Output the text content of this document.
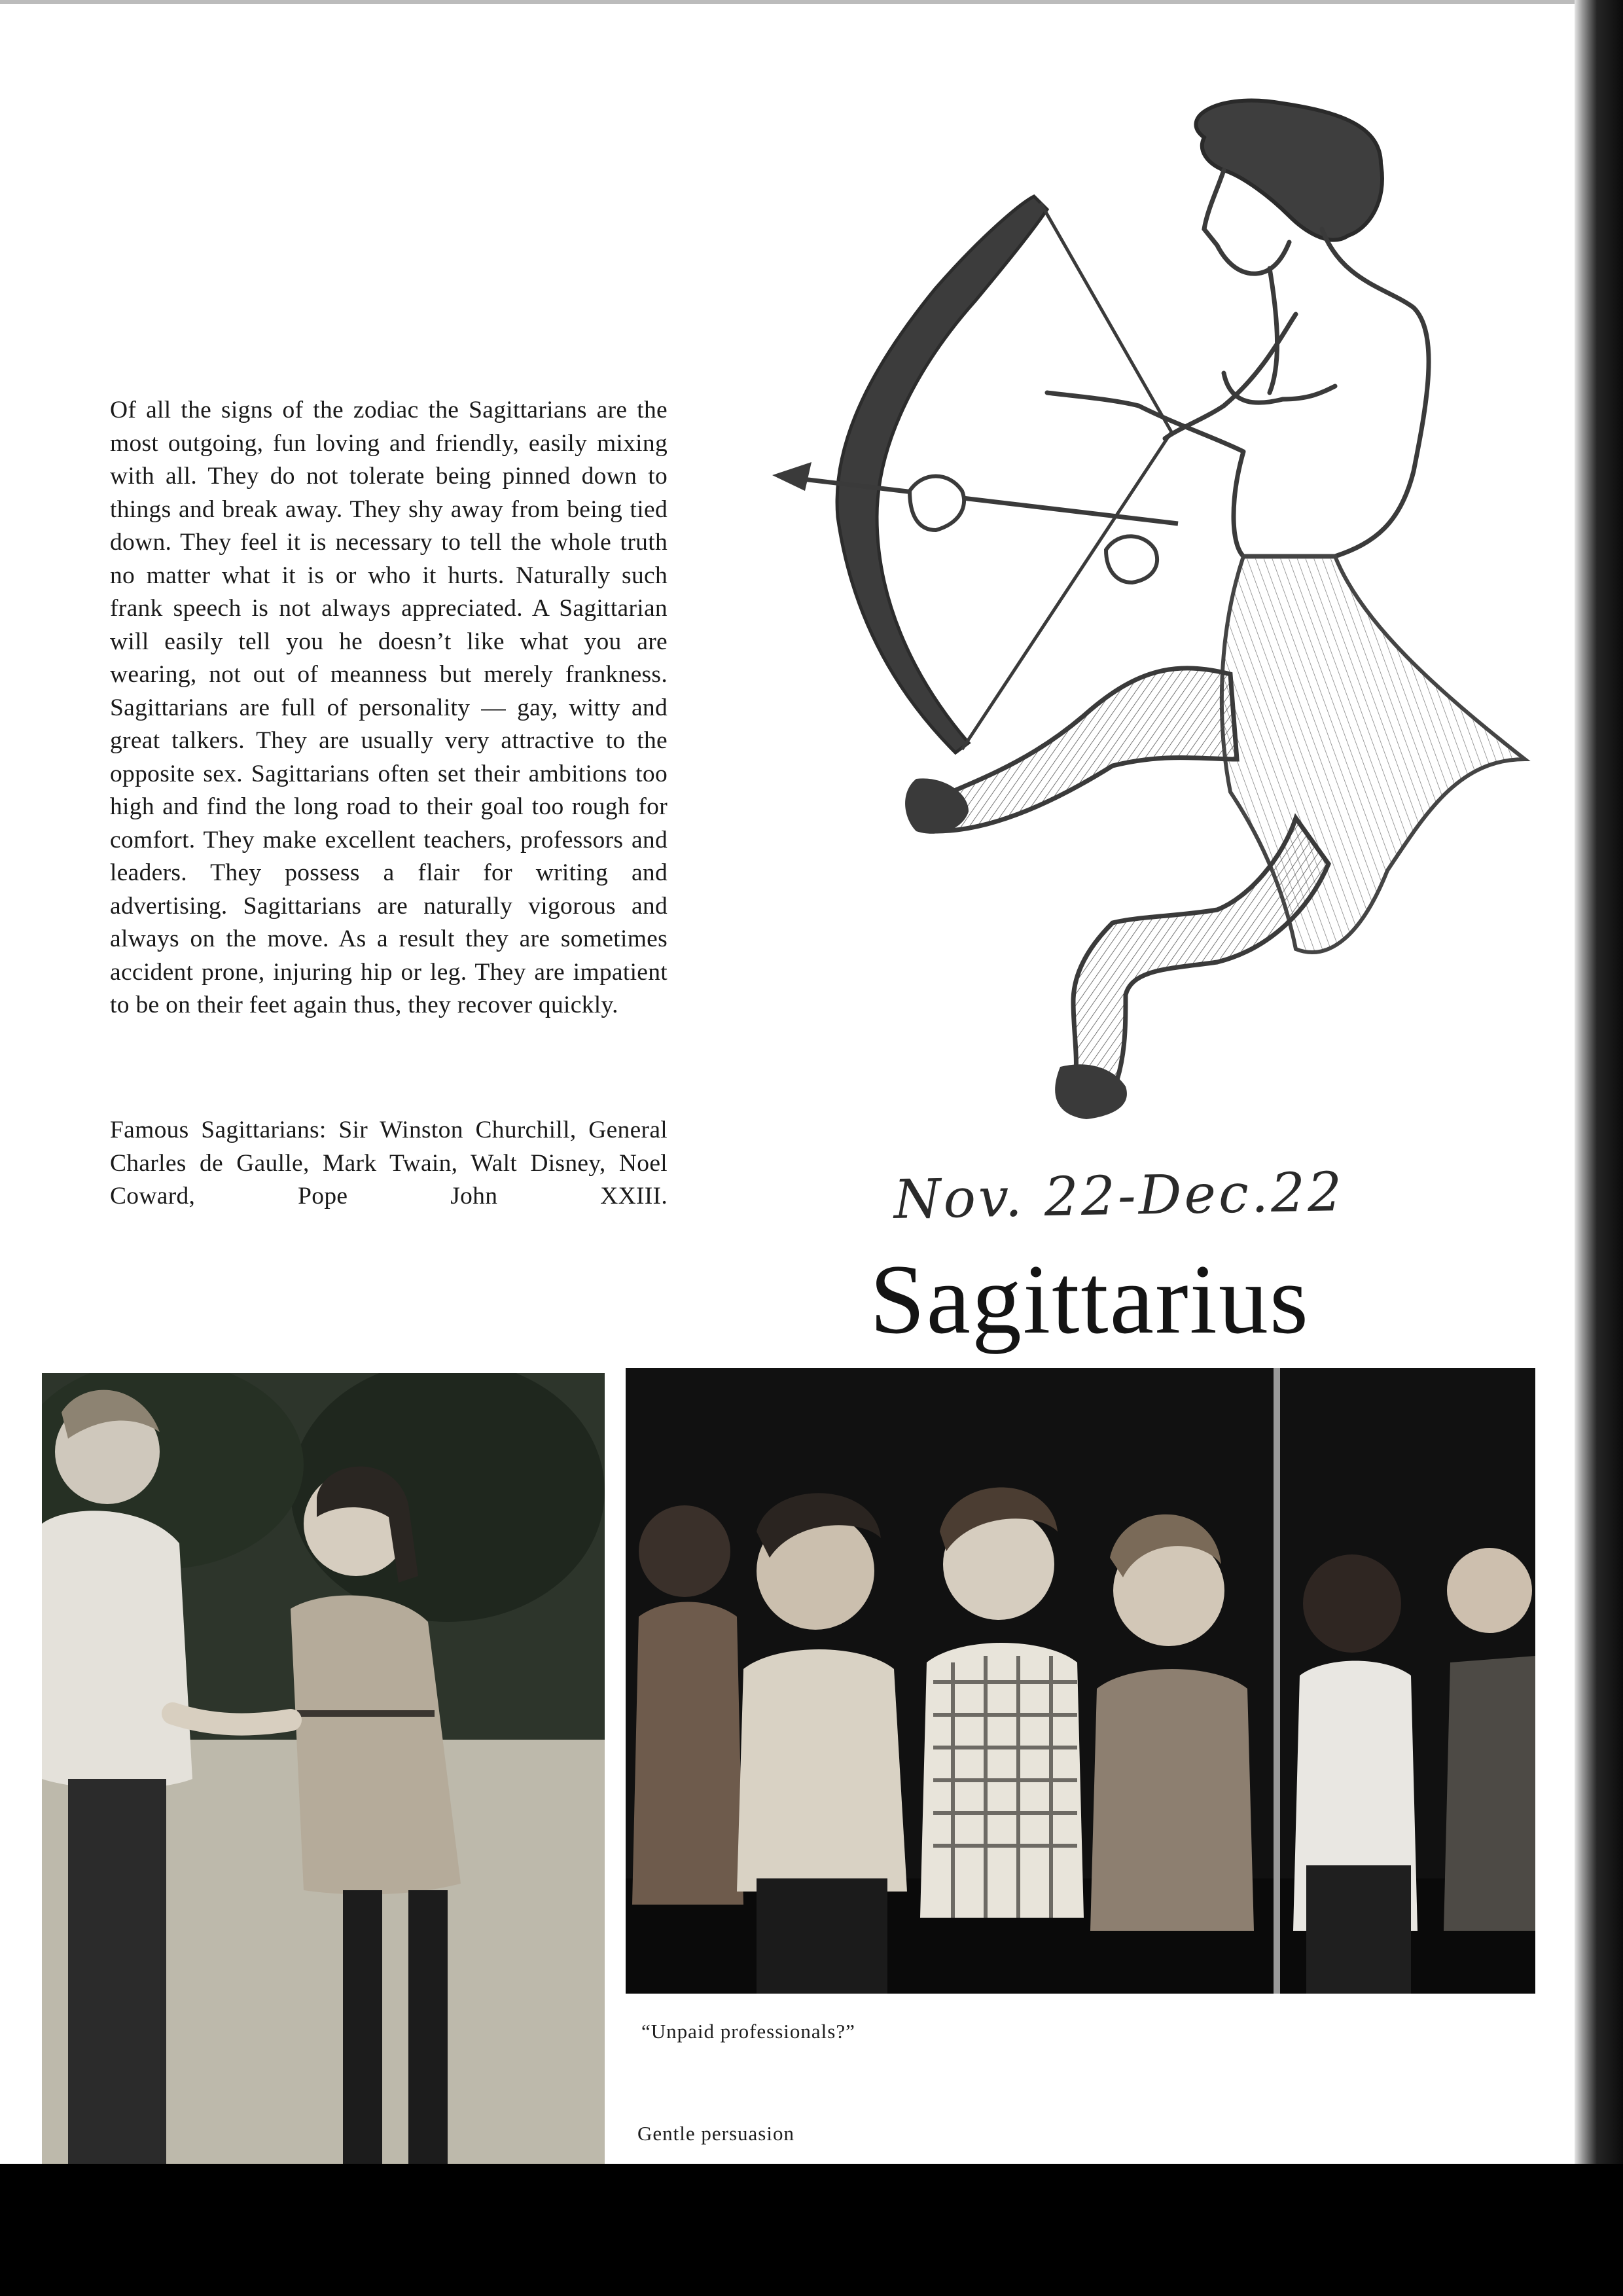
Of all the signs of the zodiac the Sagittarians are the most outgoing, fun loving and friendly, easily mixing with all. They do not tolerate being pinned down to things and break away. They shy away from being tied down. They feel it is necessary to tell the whole truth no matter what it is or who it hurts. Naturally such frank speech is not always appreciated. A Sagittarian will easily tell you he doesn’t like what you are wearing, not out of meanness but merely frankness. Sagittarians are full of personality — gay, witty and great talkers. They are usually very attractive to the opposite sex. Sagittarians often set their ambitions too high and find the long road to their goal too rough for comfort. They make excellent teachers, professors and leaders. They possess a flair for writing and advertising. Sagittarians are naturally vigorous and always on the move. As a result they are sometimes accident prone, injuring hip or leg. They are impatient to be on their feet again thus, they recover quickly.

Famous Sagittarians: Sir Winston Churchill, General Charles de Gaulle, Mark Twain, Walt Disney, Noel Coward, Pope John XXIII.	Nov. 22-Dec.22
Sagittarius
“Unpaid professionals?”
Gentle persuasion
